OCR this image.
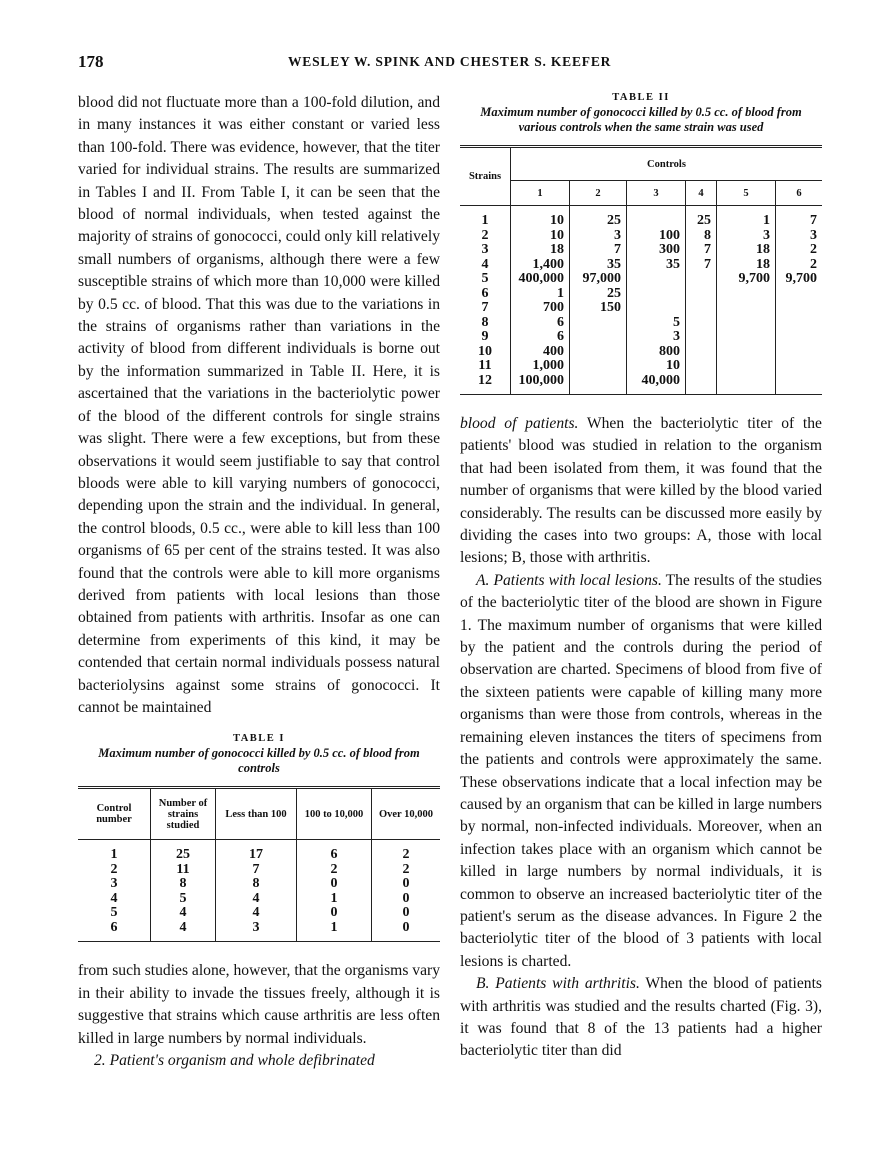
178	WESLEY W. SPINK AND CHESTER S. KEEFER

blood did not fluctuate more than a 100-fold dilution, and in many instances it was either constant or varied less than 100-fold. There was evidence, however, that the titer varied for individual strains. The results are summarized in Tables I and II. From Table I, it can be seen that the blood of normal individuals, when tested against the majority of strains of gonococci, could only kill relatively small numbers of organisms, although there were a few susceptible strains of which more than 10,000 were killed by 0.5 cc. of blood. That this was due to the variations in the strains of organisms rather than variations in the activity of blood from different individuals is borne out by the information summarized in Table II. Here, it is ascertained that the variations in the bacteriolytic power of the blood of the different controls for single strains was slight. There were a few exceptions, but from these observations it would seem justifiable to say that control bloods were able to kill varying numbers of gonococci, depending upon the strain and the individual. In general, the control bloods, 0.5 cc., were able to kill less than 100 organisms of 65 per cent of the strains tested. It was also found that the controls were able to kill more organisms derived from patients with local lesions than those obtained from patients with arthritis. Insofar as one can determine from experiments of this kind, it may be contended that certain normal individuals possess natural bacteriolysins against some strains of gonococci. It cannot be maintained

TABLE I

Maximum number of gonococci killed by 0.5 cc. of blood from controls

Control number	Number of strains studied	Less than 100	100 to 10,000	Over 10,000
1	25	17	6	2
2	11	7	2	2
3	8	8	0	0
4	5	4	1	0
5	4	4	0	0
6	4	3	1	0

from such studies alone, however, that the organisms vary in their ability to invade the tissues freely, although it is suggestive that strains which cause arthritis are less often killed in large numbers by normal individuals.

2. Patient's organism and whole defibrinated

TABLE II

Maximum number of gonococci killed by 0.5 cc. of blood from various controls when the same strain was used

Strains	Controls					
	1	2	3	4	5	6
1	10	25		25	1	7
2	10	3	100	8	3	3
3	18	7	300	7	18	2
4	1,400	35	35	7	18	2
5	400,000	97,000			9,700	9,700
6	1	25				
7	700	150				
8	6		5			
9	6		3			
10	400		800			
11	1,000		10			
12	100,000		40,000			

blood of patients. When the bacteriolytic titer of the patients' blood was studied in relation to the organism that had been isolated from them, it was found that the number of organisms that were killed by the blood varied considerably. The results can be discussed more easily by dividing the cases into two groups: A, those with local lesions; B, those with arthritis.

A. Patients with local lesions. The results of the studies of the bacteriolytic titer of the blood are shown in Figure 1. The maximum number of organisms that were killed by the patient and the controls during the period of observation are charted. Specimens of blood from five of the sixteen patients were capable of killing many more organisms than were those from controls, whereas in the remaining eleven instances the titers of specimens from the patients and controls were approximately the same. These observations indicate that a local infection may be caused by an organism that can be killed in large numbers by normal, non-infected individuals. Moreover, when an infection takes place with an organism which cannot be killed in large numbers by normal individuals, it is common to observe an increased bacteriolytic titer of the patient's serum as the disease advances. In Figure 2 the bacteriolytic titer of the blood of 3 patients with local lesions is charted.

B. Patients with arthritis. When the blood of patients with arthritis was studied and the results charted (Fig. 3), it was found that 8 of the 13 patients had a higher bacteriolytic titer than did
